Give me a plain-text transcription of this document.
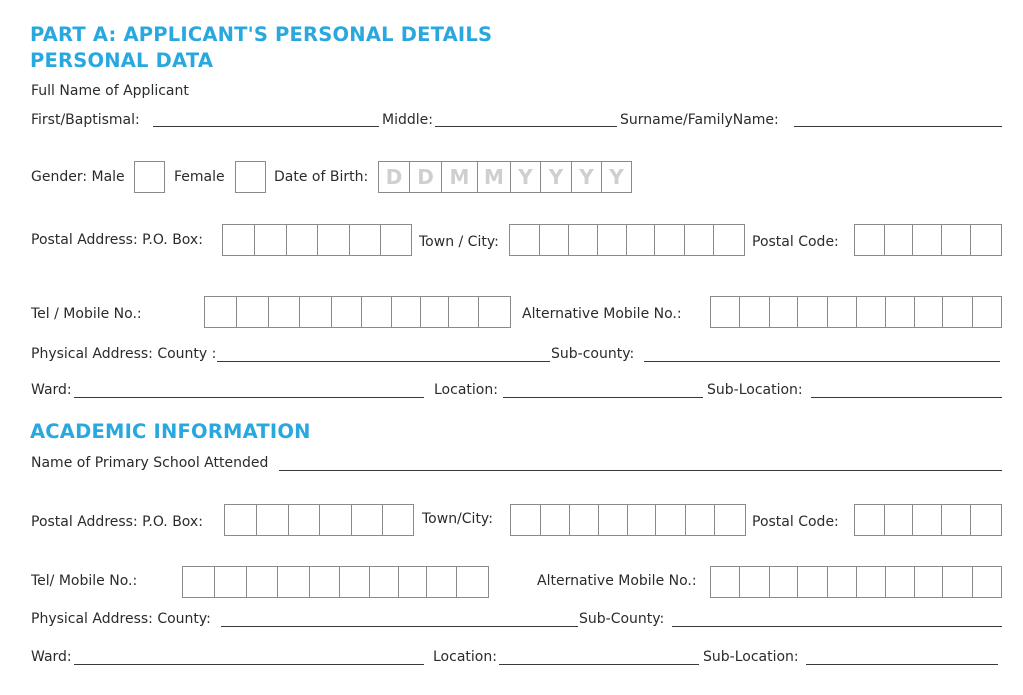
PART A: APPLICANT'S PERSONAL DETAILS
PERSONAL DATA
Full Name of Applicant
First/Baptismal:	Middle:	Surname/FamilyName:
Gender: Male	Female	Date of Birth: D D M M Y Y Y Y
Postal Address: P.O. Box:	Town / City:	Postal Code:
Tel / Mobile No.:	Alternative Mobile No.:
Physical Address: County :	Sub-county:
Ward:	Location:	Sub-Location:
ACADEMIC INFORMATION
Name of Primary School Attended
Postal Address: P.O. Box:	Town/City:	Postal Code:
Tel/ Mobile No.:	Alternative Mobile No.:
Physical Address: County:	Sub-County:
Ward:	Location:	Sub-Location:
